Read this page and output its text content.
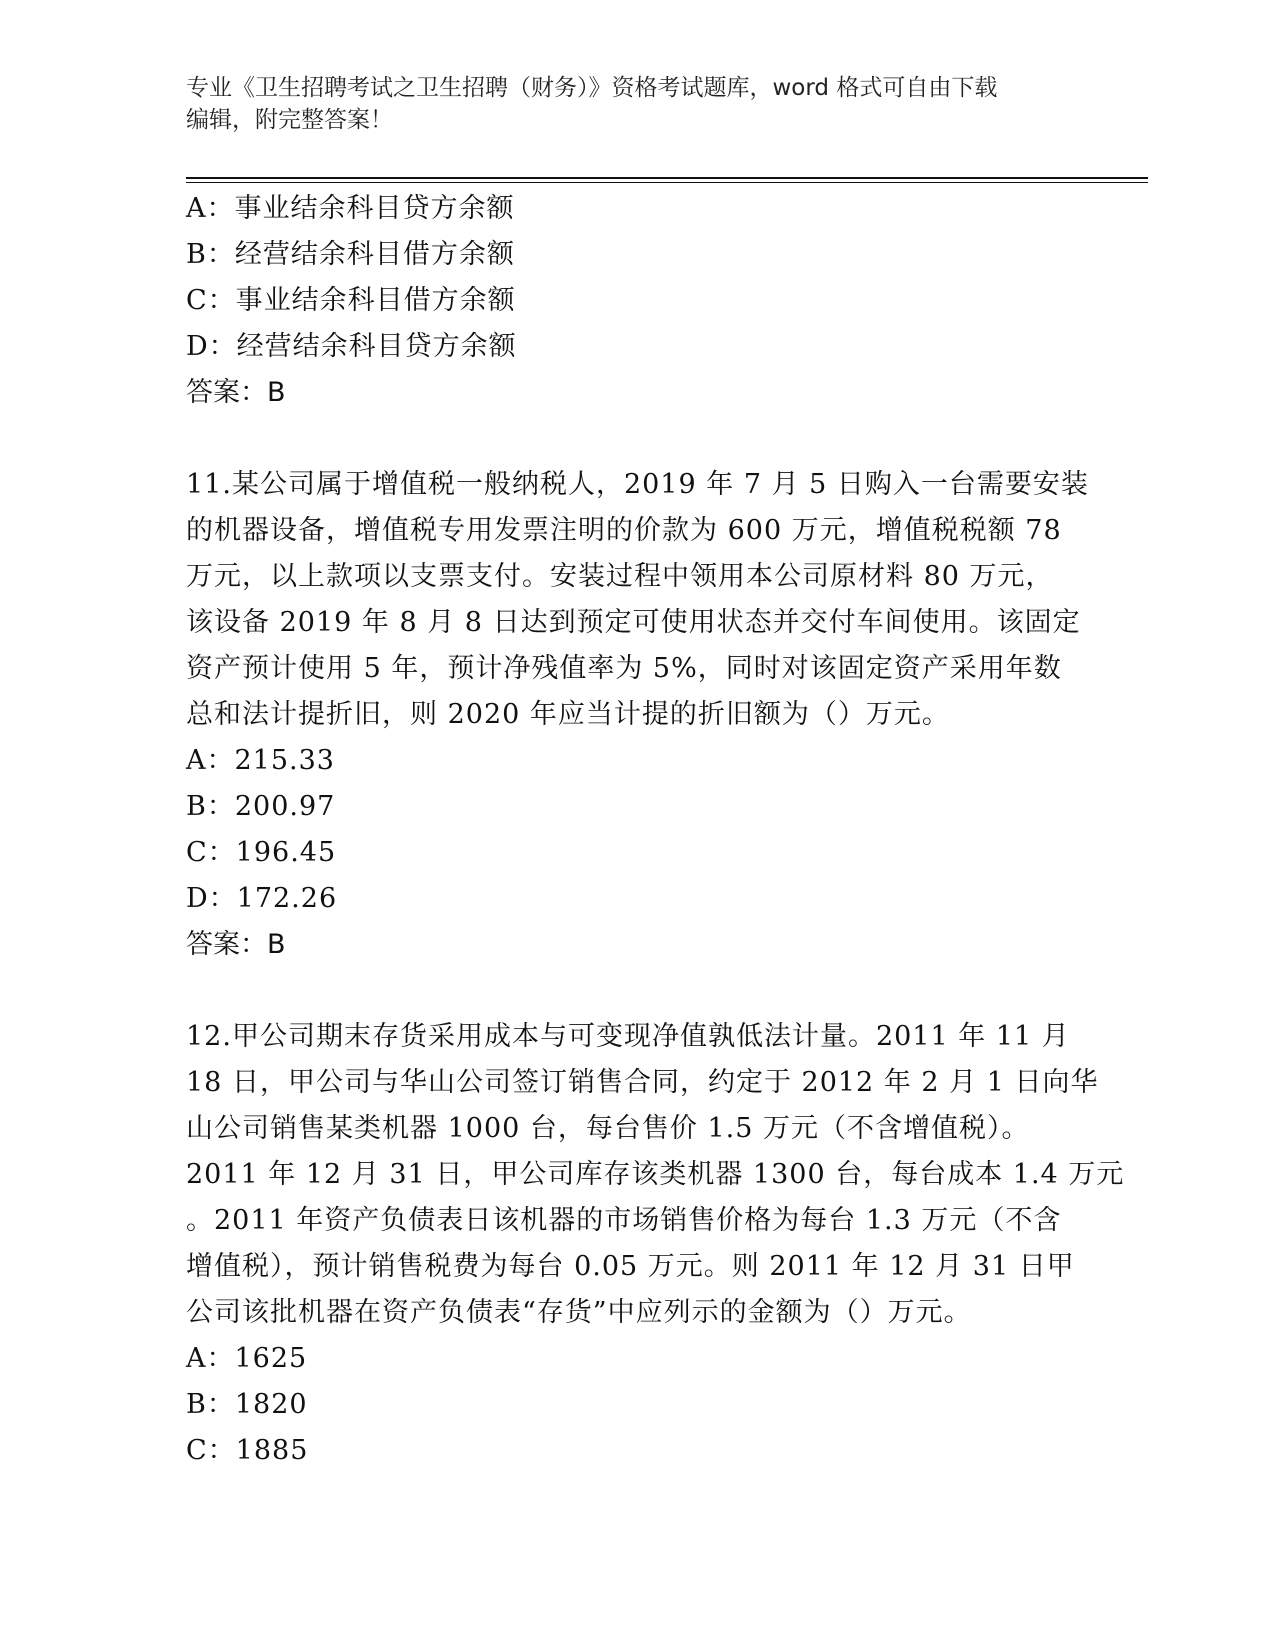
专业《卫生招聘考试之卫生招聘（财务）》资格考试题库，word 格式可自由下载
编辑，附完整答案！
A：事业结余科目贷方余额
B：经营结余科目借方余额
C：事业结余科目借方余额
D：经营结余科目贷方余额
答案：B
11.某公司属于增值税一般纳税人，2019 年 7 月 5 日购入一台需要安装
的机器设备，增值税专用发票注明的价款为 600 万元，增值税税额 78
万元，以上款项以支票支付。安装过程中领用本公司原材料 80 万元，
该设备 2019 年 8 月 8 日达到预定可使用状态并交付车间使用。该固定
资产预计使用 5 年，预计净残值率为 5%，同时对该固定资产采用年数
总和法计提折旧，则 2020 年应当计提的折旧额为（）万元。
A：215.33
B：200.97
C：196.45
D：172.26
答案：B
12.甲公司期末存货采用成本与可变现净值孰低法计量。2011 年 11 月
18 日，甲公司与华山公司签订销售合同，约定于 2012 年 2 月 1 日向华
山公司销售某类机器 1000 台，每台售价 1.5 万元（不含增值税）。
2011 年 12 月 31 日，甲公司库存该类机器 1300 台，每台成本 1.4 万元
。2011 年资产负债表日该机器的市场销售价格为每台 1.3 万元（不含
增值税），预计销售税费为每台 0.05 万元。则 2011 年 12 月 31 日甲
公司该批机器在资产负债表“存货”中应列示的金额为（）万元。
A：1625
B：1820
C：1885
